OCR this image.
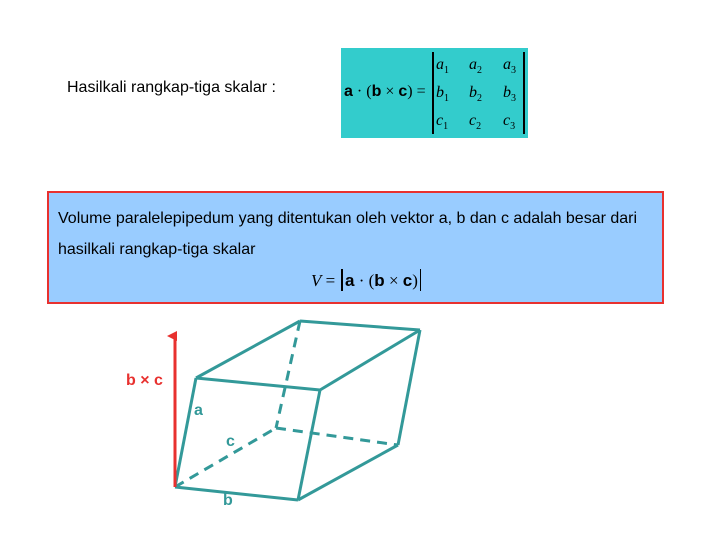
Hasilkali rangkap-tiga skalar :	a · (b × c) =
$a_1$ $a_2$ $a_3$
$b_1$ $b_2$ $b_3$
$c_1$ $c_2$ $c_3$
Volume paralelepipedum yang ditentukan oleh vektor a, b dan c adalah besar dari hasilkali rangkap-tiga skalar
V = a · (b × c)
b × c
a
c
b
